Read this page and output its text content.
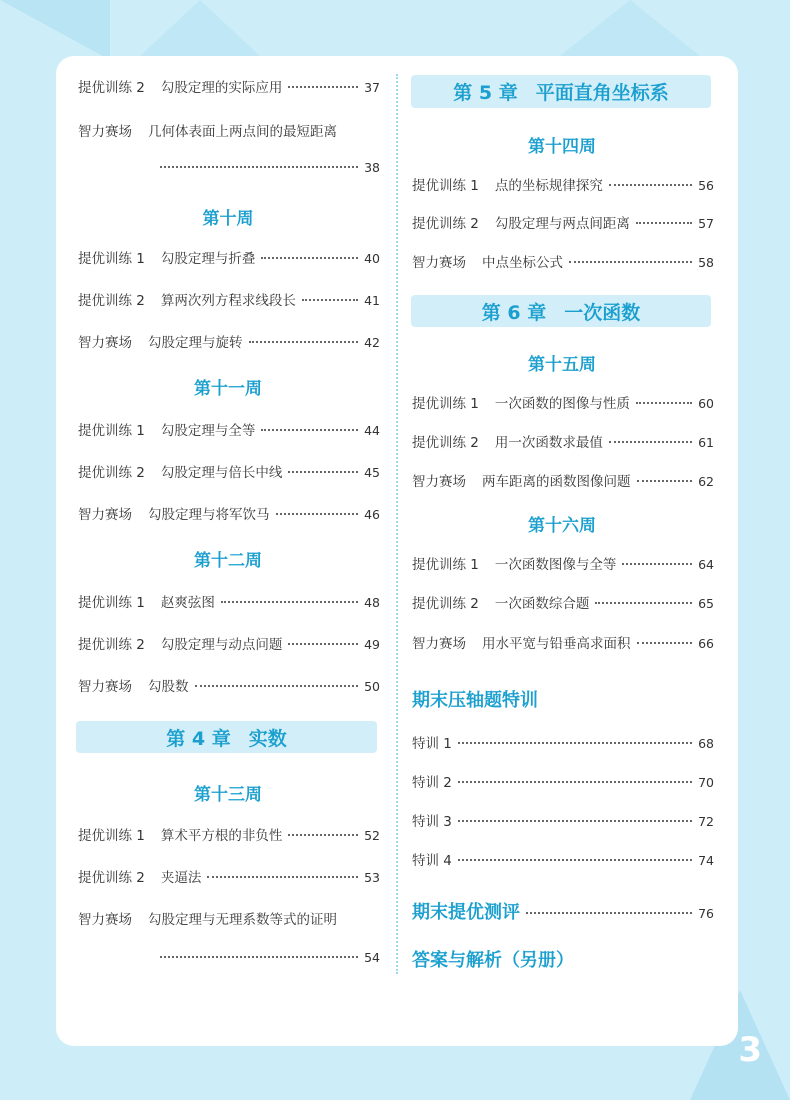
提优训练 2 勾股定理的实际应用	37
智力赛场 几何体表面上两点间的最短距离
38
第十周
提优训练 1 勾股定理与折叠	40
提优训练 2 算两次列方程求线段长	41
智力赛场 勾股定理与旋转	42
第十一周
提优训练 1 勾股定理与全等	44
提优训练 2 勾股定理与倍长中线	45
智力赛场 勾股定理与将军饮马	46
第十二周
提优训练 1 赵爽弦图	48
提优训练 2 勾股定理与动点问题	49
智力赛场 勾股数	50
第 4 章 实数
第十三周
提优训练 1 算术平方根的非负性	52
提优训练 2 夹逼法	53
智力赛场 勾股定理与无理系数等式的证明
54
第 5 章 平面直角坐标系
第十四周
提优训练 1 点的坐标规律探究	56
提优训练 2 勾股定理与两点间距离	57
智力赛场 中点坐标公式	58
第 6 章 一次函数
第十五周
提优训练 1 一次函数的图像与性质	60
提优训练 2 用一次函数求最值	61
智力赛场 两车距离的函数图像问题	62
第十六周
提优训练 1 一次函数图像与全等	64
提优训练 2 一次函数综合题	65
智力赛场 用水平宽与铅垂高求面积	66
期末压轴题特训
特训 1	68
特训 2	70
特训 3	72
特训 4	74
期末提优测评	76
答案与解析（另册）
3
